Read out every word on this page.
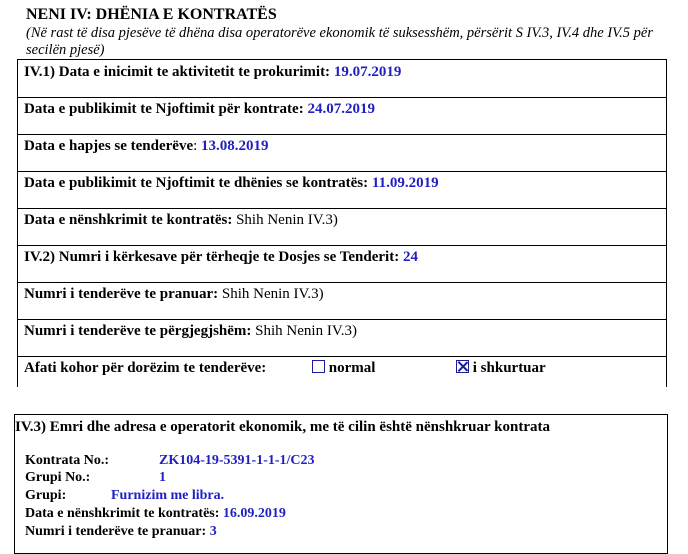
NENI IV: DHËNIA E KONTRATËS
(Në rast të disa pjesëve të dhëna disa operatorëve ekonomik të suksesshëm, përsërit S IV.3, IV.4 dhe IV.5 për secilën pjesë)
IV.1) Data e inicimit te aktivitetit te prokurimit: 19.07.2019
Data e publikimit te Njoftimit për kontrate: 24.07.2019
Data e hapjes se tenderëve: 13.08.2019
Data e publikimit te Njoftimit te dhënies se kontratës: 11.09.2019
Data e nënshkrimit te kontratës: Shih Nenin IV.3)
IV.2) Numri i kërkesave për tërheqje te Dosjes se Tenderit: 24
Numri i tenderëve te pranuar: Shih Nenin IV.3)
Numri i tenderëve te përgjegjshëm: Shih Nenin IV.3)
Afati kohor për dorëzim te tenderëve:	normal	i shkurtuar
IV.3) Emri dhe adresa e operatorit ekonomik, me të cilin është nënshkruar kontrata
Kontrata No.:	ZK104-19-5391-1-1-1/C23
Grupi No.:	1
Grupi:	Furnizim me libra.
Data e nënshkrimit te kontratës: 16.09.2019
Numri i tenderëve te pranuar: 3
